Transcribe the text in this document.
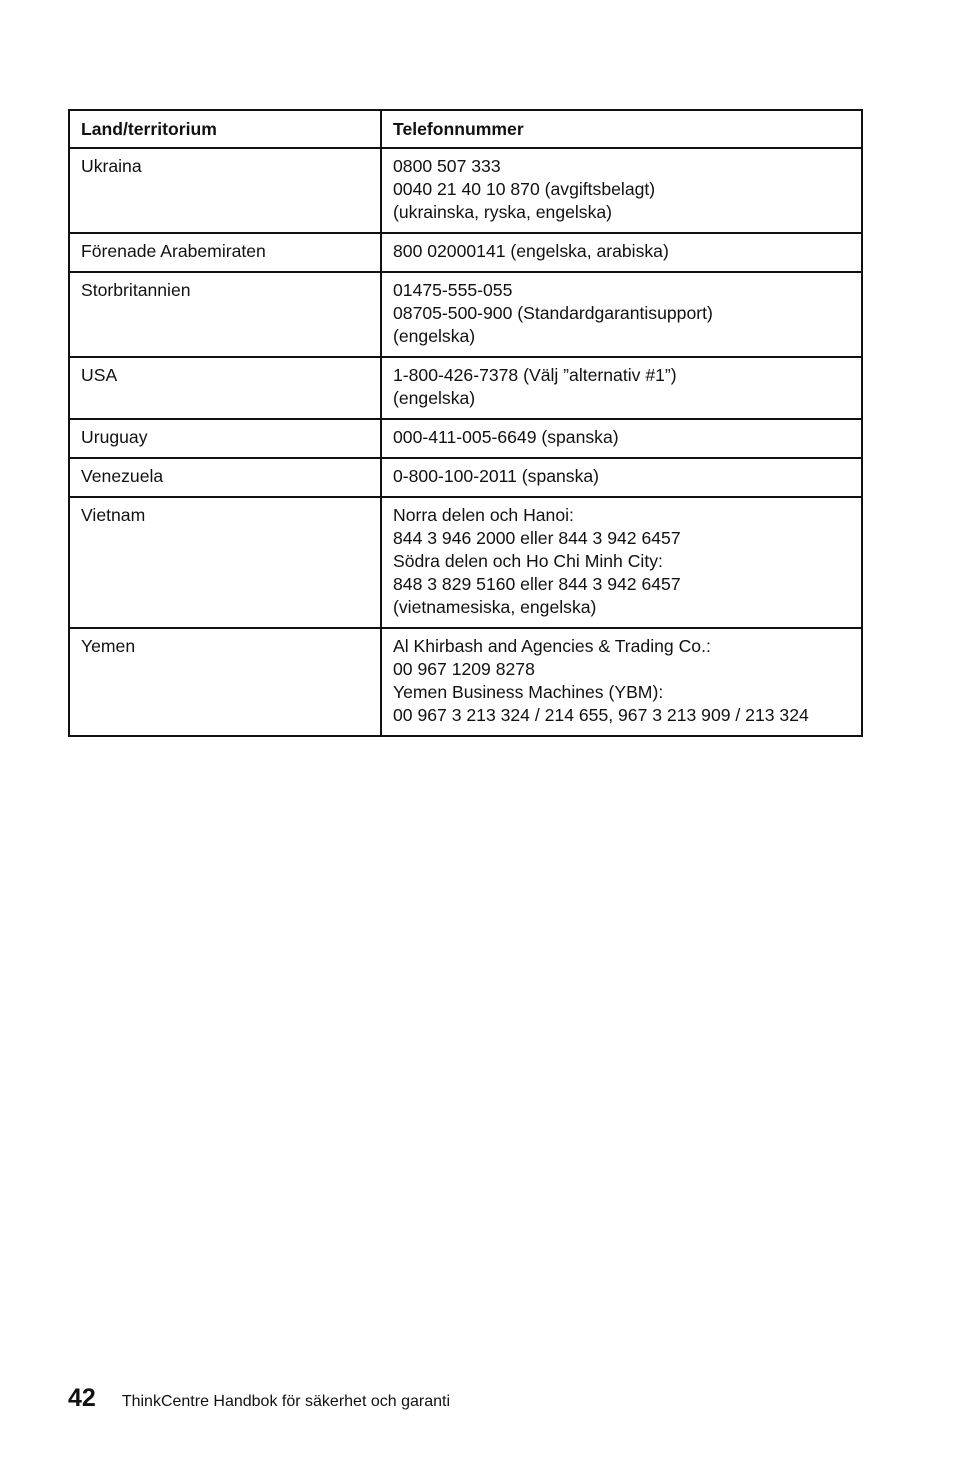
Land/territorium	Telefonnummer
Ukraina	0800 507 333
0040 21 40 10 870 (avgiftsbelagt)
(ukrainska, ryska, engelska)

Förenade Arabemiraten	800 02000141 (engelska, arabiska)

Storbritannien	01475-555-055
08705-500-900 (Standardgarantisupport)
(engelska)

USA	1-800-426-7378 (Välj ”alternativ #1”)
(engelska)

Uruguay	000-411-005-6649 (spanska)

Venezuela	0-800-100-2011 (spanska)

Vietnam	Norra delen och Hanoi:
844 3 946 2000 eller 844 3 942 6457
Södra delen och Ho Chi Minh City:
848 3 829 5160 eller 844 3 942 6457
(vietnamesiska, engelska)

Yemen	Al Khirbash and Agencies & Trading Co.:
00 967 1209 8278
Yemen Business Machines (YBM):
00 967 3 213 324 / 214 655, 967 3 213 909 / 213 324
42 ThinkCentre Handbok för säkerhet och garanti
